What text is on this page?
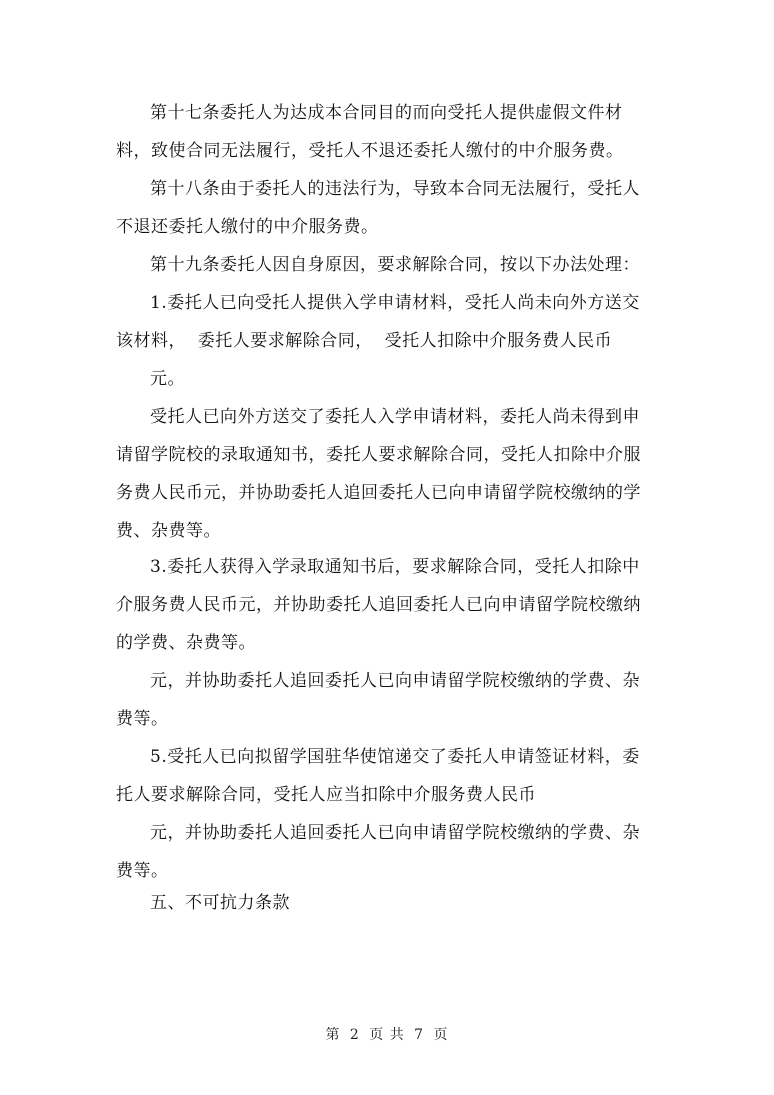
第十七条委托人为达成本合同目的而向受托人提供虚假文件材
料，致使合同无法履行，受托人不退还委托人缴付的中介服务费。
第十八条由于委托人的违法行为，导致本合同无法履行，受托人
不退还委托人缴付的中介服务费。
第十九条委托人因自身原因，要求解除合同，按以下办法处理：
1.委托人已向受托人提供入学申请材料，受托人尚未向外方送交
该材料，  委托人要求解除合同，  受托人扣除中介服务费人民币
元。
受托人已向外方送交了委托人入学申请材料，委托人尚未得到申
请留学院校的录取通知书，委托人要求解除合同，受托人扣除中介服
务费人民币元，并协助委托人追回委托人已向申请留学院校缴纳的学
费、杂费等。
3.委托人获得入学录取通知书后，要求解除合同，受托人扣除中
介服务费人民币元，并协助委托人追回委托人已向申请留学院校缴纳
的学费、杂费等。
元，并协助委托人追回委托人已向申请留学院校缴纳的学费、杂
费等。
5.受托人已向拟留学国驻华使馆递交了委托人申请签证材料，委
托人要求解除合同，受托人应当扣除中介服务费人民币
元，并协助委托人追回委托人已向申请留学院校缴纳的学费、杂
费等。
五、不可抗力条款
第 2 页 共 7 页
